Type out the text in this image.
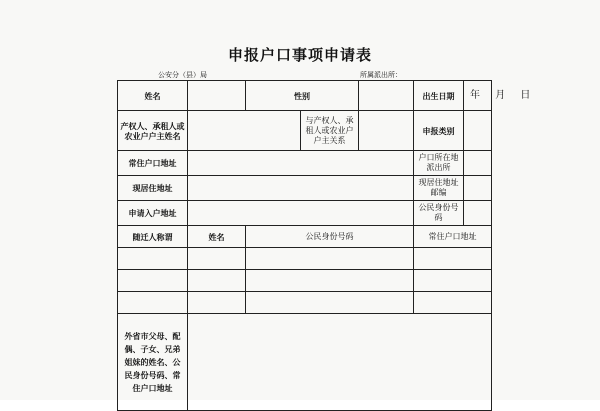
申报户口事项申请表
公安分（县）局	所属派出所：
姓名		性别			出生日期	年 月 日

产权人、承租人或农业户户主姓名			与产权人、承租人或农业户户主关系		申报类别	
常住户口地址					户口所在地派出所	
现居住地址					现居住地址邮编	
申请入户地址					公民身份号码	
随迁人称谓	姓名	公民身份号码			常住户口地址	

外省市父母、配偶、子女、兄弟姐妹的姓名、公民身份号码、常住户口地址						
